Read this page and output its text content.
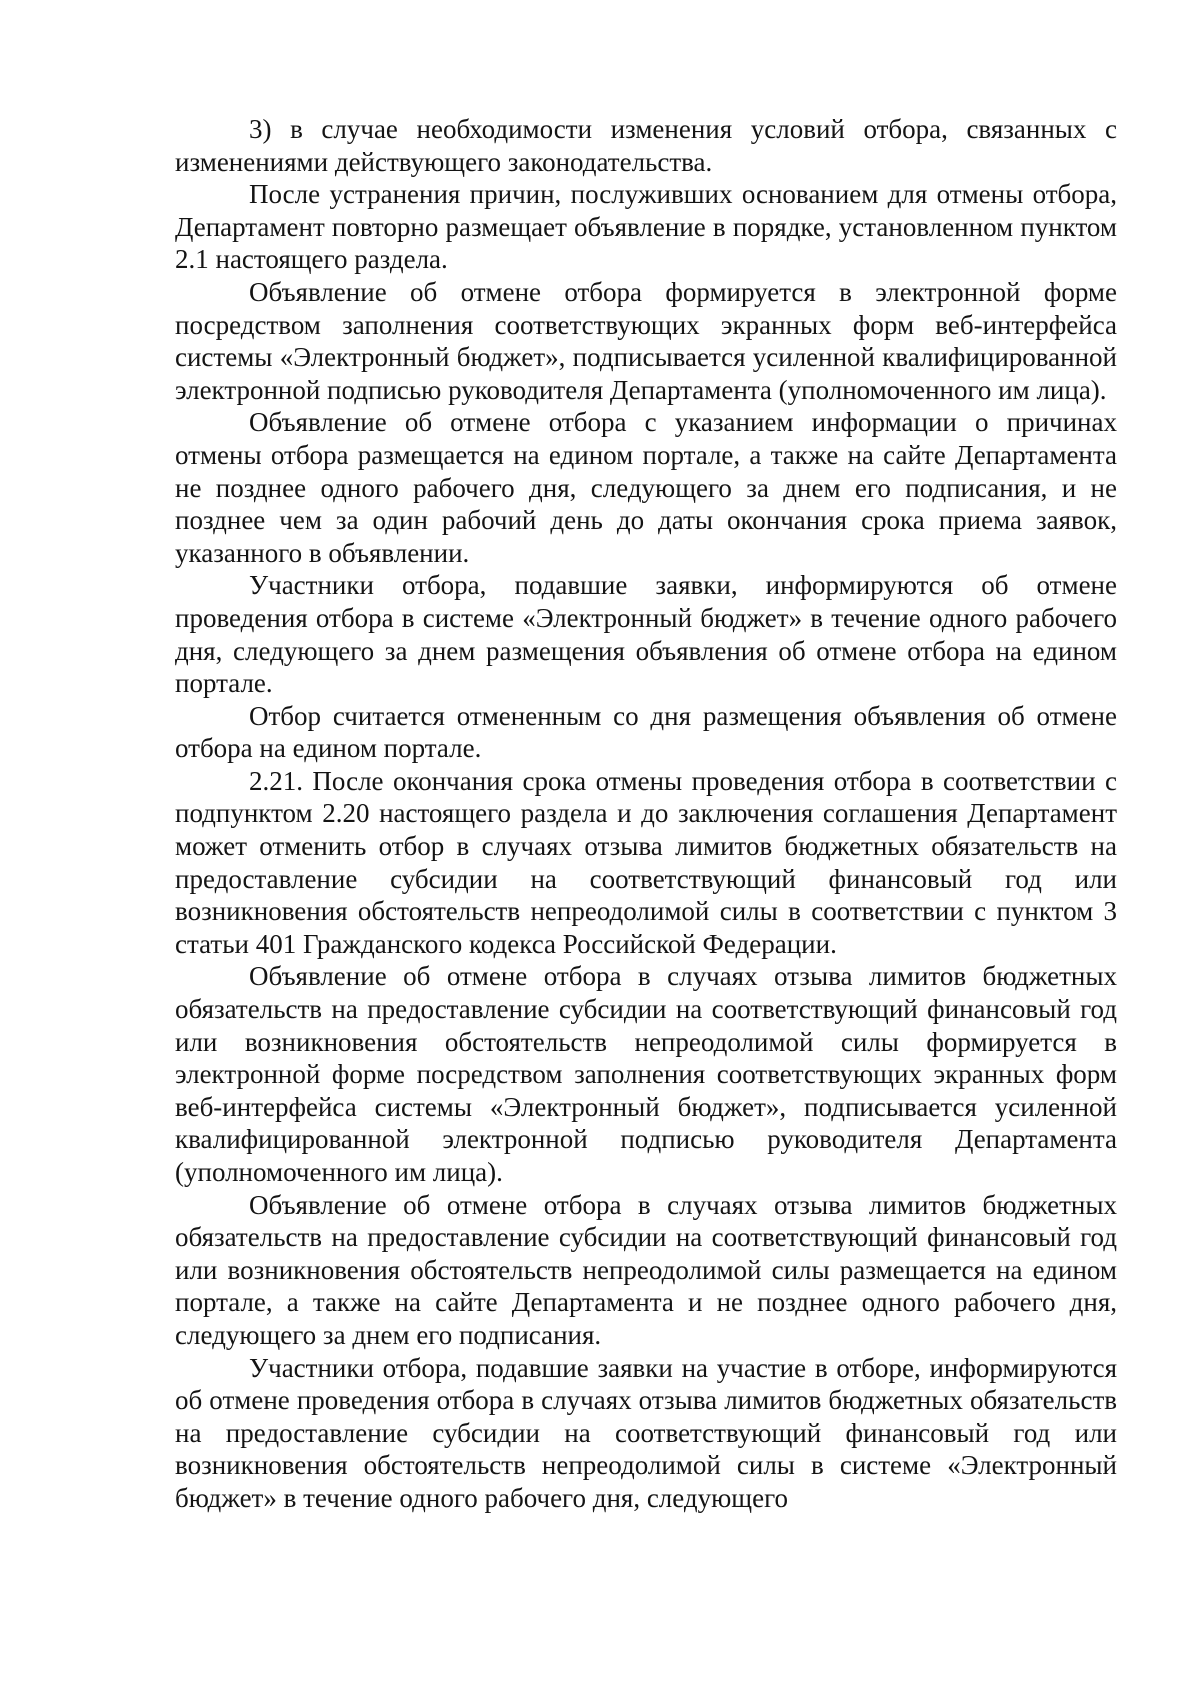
3) в случае необходимости изменения условий отбора, связанных с изменениями действующего законодательства.

После устранения причин, послуживших основанием для отмены отбора, Департамент повторно размещает объявление в порядке, установленном пунктом 2.1 настоящего раздела.

Объявление об отмене отбора формируется в электронной форме посредством заполнения соответствующих экранных форм веб-интерфейса системы «Электронный бюджет», подписывается усиленной квалифицированной электронной подписью руководителя Департамента (уполномоченного им лица).

Объявление об отмене отбора с указанием информации о причинах отмены отбора размещается на едином портале, а также на сайте Департамента не позднее одного рабочего дня, следующего за днем его подписания, и не позднее чем за один рабочий день до даты окончания срока приема заявок, указанного в объявлении.

Участники отбора, подавшие заявки, информируются об отмене проведения отбора в системе «Электронный бюджет» в течение одного рабочего дня, следующего за днем размещения объявления об отмене отбора на едином портале.

Отбор считается отмененным со дня размещения объявления об отмене отбора на едином портале.

2.21. После окончания срока отмены проведения отбора в соответствии с подпунктом 2.20 настоящего раздела и до заключения соглашения Департамент может отменить отбор в случаях отзыва лимитов бюджетных обязательств на предоставление субсидии на соответствующий финансовый год или возникновения обстоятельств непреодолимой силы в соответствии с пунктом 3 статьи 401 Гражданского кодекса Российской Федерации.

Объявление об отмене отбора в случаях отзыва лимитов бюджетных обязательств на предоставление субсидии на соответствующий финансовый год или возникновения обстоятельств непреодолимой силы формируется в электронной форме посредством заполнения соответствующих экранных форм веб-интерфейса системы «Электронный бюджет», подписывается усиленной квалифицированной электронной подписью руководителя Департамента (уполномоченного им лица).

Объявление об отмене отбора в случаях отзыва лимитов бюджетных обязательств на предоставление субсидии на соответствующий финансовый год или возникновения обстоятельств непреодолимой силы размещается на едином портале, а также на сайте Департамента и не позднее одного рабочего дня, следующего за днем его подписания.

Участники отбора, подавшие заявки на участие в отборе, информируются об отмене проведения отбора в случаях отзыва лимитов бюджетных обязательств на предоставление субсидии на соответствующий финансовый год или возникновения обстоятельств непреодолимой силы в системе «Электронный бюджет» в течение одного рабочего дня, следующего
